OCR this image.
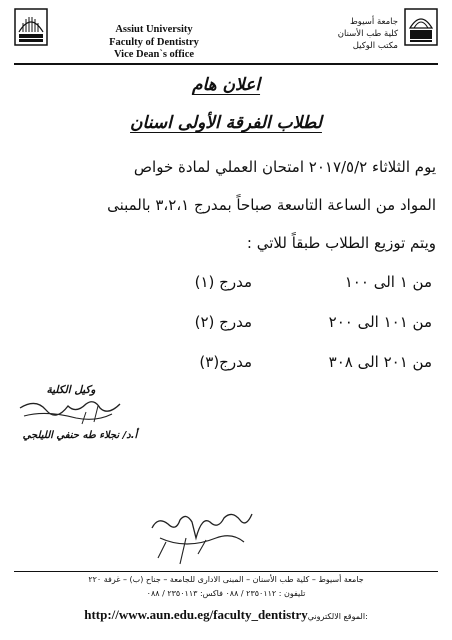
Assiut University
Faculty of Dentistry
Vice Dean`s office
جامعة أسيوط
كلية طب الأسنان
مكتب الوكيل
اعلان هام
لطلاب الفرقة الأولى اسنان
يوم الثلاثاء ٢٠١٧/٥/٢ امتحان العملي لمادة خواص
المواد من الساعة التاسعة صباحاً بمدرج ٣،٢،١ بالمبنى
ويتم توزيع الطلاب طبقاً للاتي :
من ١ الى ١٠٠
مدرج (١)
من ١٠١ الى ٢٠٠
مدرج (٢)
من ٢٠١ الى ٣٠٨
مدرج(٣)
وكيل الكلية
أ.د/ نجلاء طه حنفي الليلجي
جامعة أسيوط – كلية طب الأسنان – المبنى الادارى للجامعة – جناح (ب) – غرفة ٢٢٠
تليفون : ٢٣٥٠١١٢ / ٠٨٨ فاكس: ٢٣٥٠١١٣ / ٠٨٨
http://www.aun.edu.eg/faculty_dentistryالموقع الالكتروني:
